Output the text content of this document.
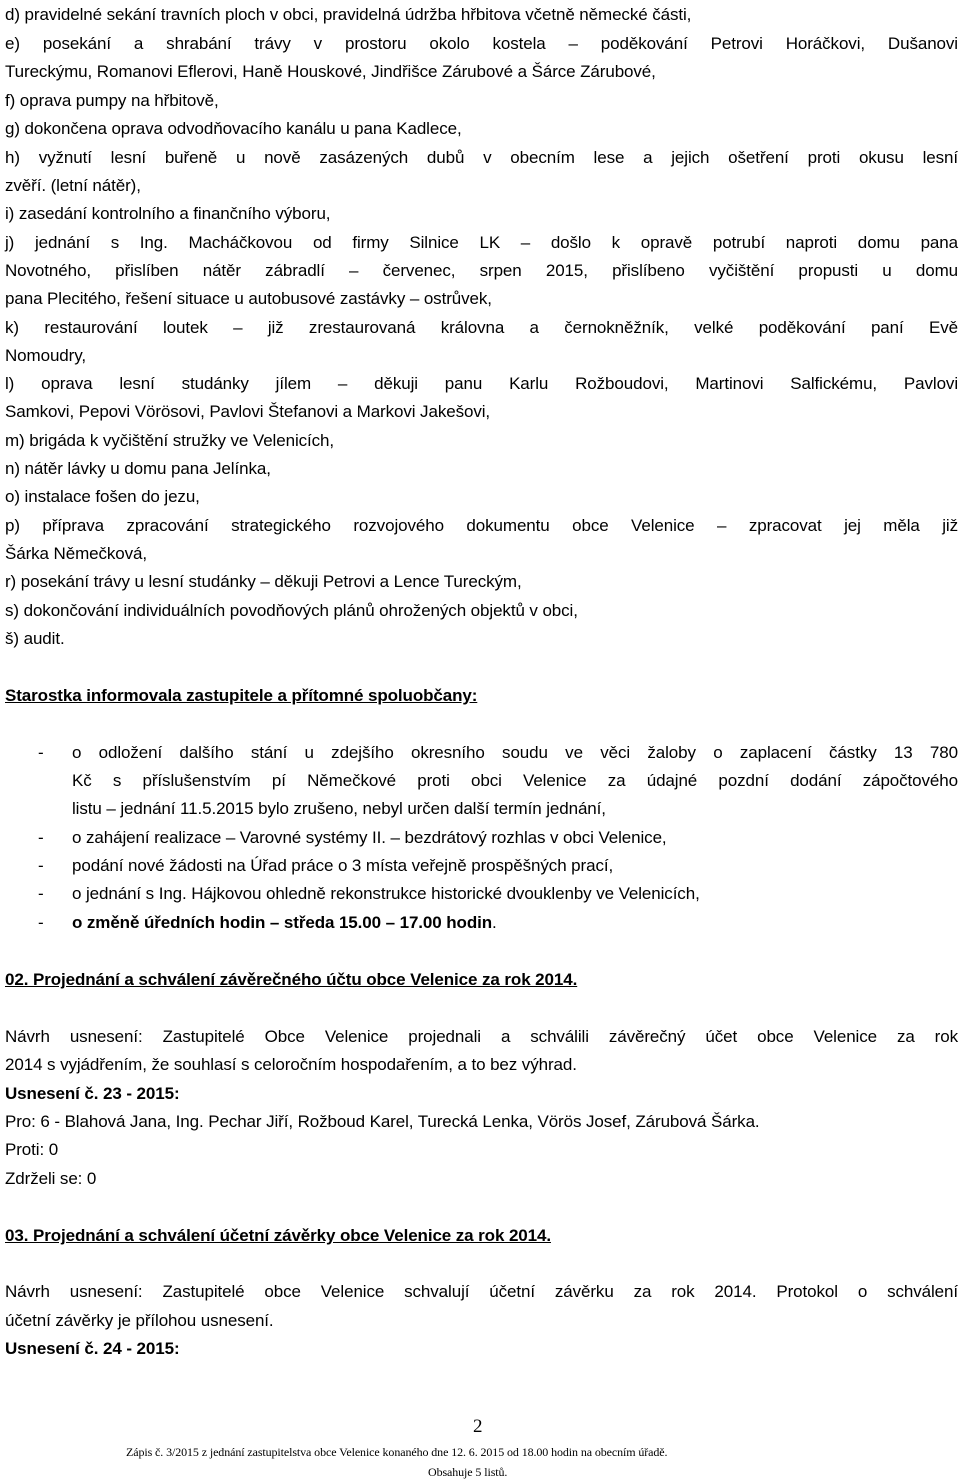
d) pravidelné sekání travních ploch v obci, pravidelná údržba hřbitova včetně německé části,
e) posekání a shrabání trávy v prostoru okolo kostela – poděkování Petrovi Horáčkovi, Dušanovi
Tureckýmu, Romanovi Eflerovi, Haně Houskové, Jindřišce Zárubové a Šárce Zárubové,
f) oprava pumpy na hřbitově,
g) dokončena oprava odvodňovacího kanálu u pana Kadlece,
h) vyžnutí lesní buřeně u nově zasázených dubů v obecním lese a jejich ošetření proti okusu lesní
zvěří. (letní nátěr),
i) zasedání kontrolního a finančního výboru,
j) jednání s Ing. Macháčkovou od firmy Silnice LK – došlo k opravě potrubí naproti domu pana
Novotného, přislíben nátěr zábradlí – červenec, srpen 2015, přislíbeno vyčištění propusti u domu
pana Plecitého, řešení situace u autobusové zastávky – ostrůvek,
k) restaurování loutek – již zrestaurovaná královna a černokněžník, velké poděkování paní Evě
Nomoudry,
l) oprava lesní studánky jílem – děkuji panu Karlu Rožboudovi, Martinovi Salfickému, Pavlovi
Samkovi, Pepovi Vörösovi, Pavlovi Štefanovi a Markovi Jakešovi,
m) brigáda k vyčištění stružky ve Velenicích,
n) nátěr lávky u domu pana Jelínka,
o) instalace fošen do jezu,
p) příprava zpracování strategického rozvojového dokumentu obce Velenice – zpracovat jej měla již
Šárka Němečková,
r) posekání trávy u lesní studánky – děkuji Petrovi a Lence Tureckým,
s) dokončování individuálních povodňových plánů ohrožených objektů v obci,
š) audit.
Starostka informovala zastupitele a přítomné spoluobčany:
- o odložení dalšího stání u zdejšího okresního soudu ve věci žaloby o zaplacení částky 13 780
Kč s příslušenstvím pí Němečkové proti obci Velenice za údajné pozdní dodání zápočtového
listu – jednání 11.5.2015 bylo zrušeno, nebyl určen další termín jednání,
- o zahájení realizace – Varovné systémy II. – bezdrátový rozhlas v obci Velenice,
- podání nové žádosti na Úřad práce o 3 místa veřejně prospěšných prací,
- o jednání s Ing. Hájkovou ohledně rekonstrukce historické dvouklenby ve Velenicích,
- o změně úředních hodin – středa 15.00 – 17.00 hodin.
02. Projednání a schválení závěrečného účtu obce Velenice za rok 2014.
Návrh usnesení: Zastupitelé Obce Velenice projednali a schválili závěrečný účet obce Velenice za rok
2014 s vyjádřením, že souhlasí s celoročním hospodařením, a to bez výhrad.
Usnesení č. 23 - 2015:
Pro: 6 - Blahová Jana, Ing. Pechar Jiří, Rožboud Karel, Turecká Lenka, Vörös Josef, Zárubová Šárka.
Proti: 0
Zdrželi se: 0
03. Projednání a schválení účetní závěrky obce Velenice za rok 2014.
Návrh usnesení: Zastupitelé obce Velenice schvalují účetní závěrku za rok 2014. Protokol o schválení
účetní závěrky je přílohou usnesení.
Usnesení č. 24 - 2015:
2
Zápis č. 3/2015 z jednání zastupitelstva obce Velenice konaného dne 12. 6. 2015 od 18.00 hodin na obecním úřadě.
Obsahuje 5 listů.
